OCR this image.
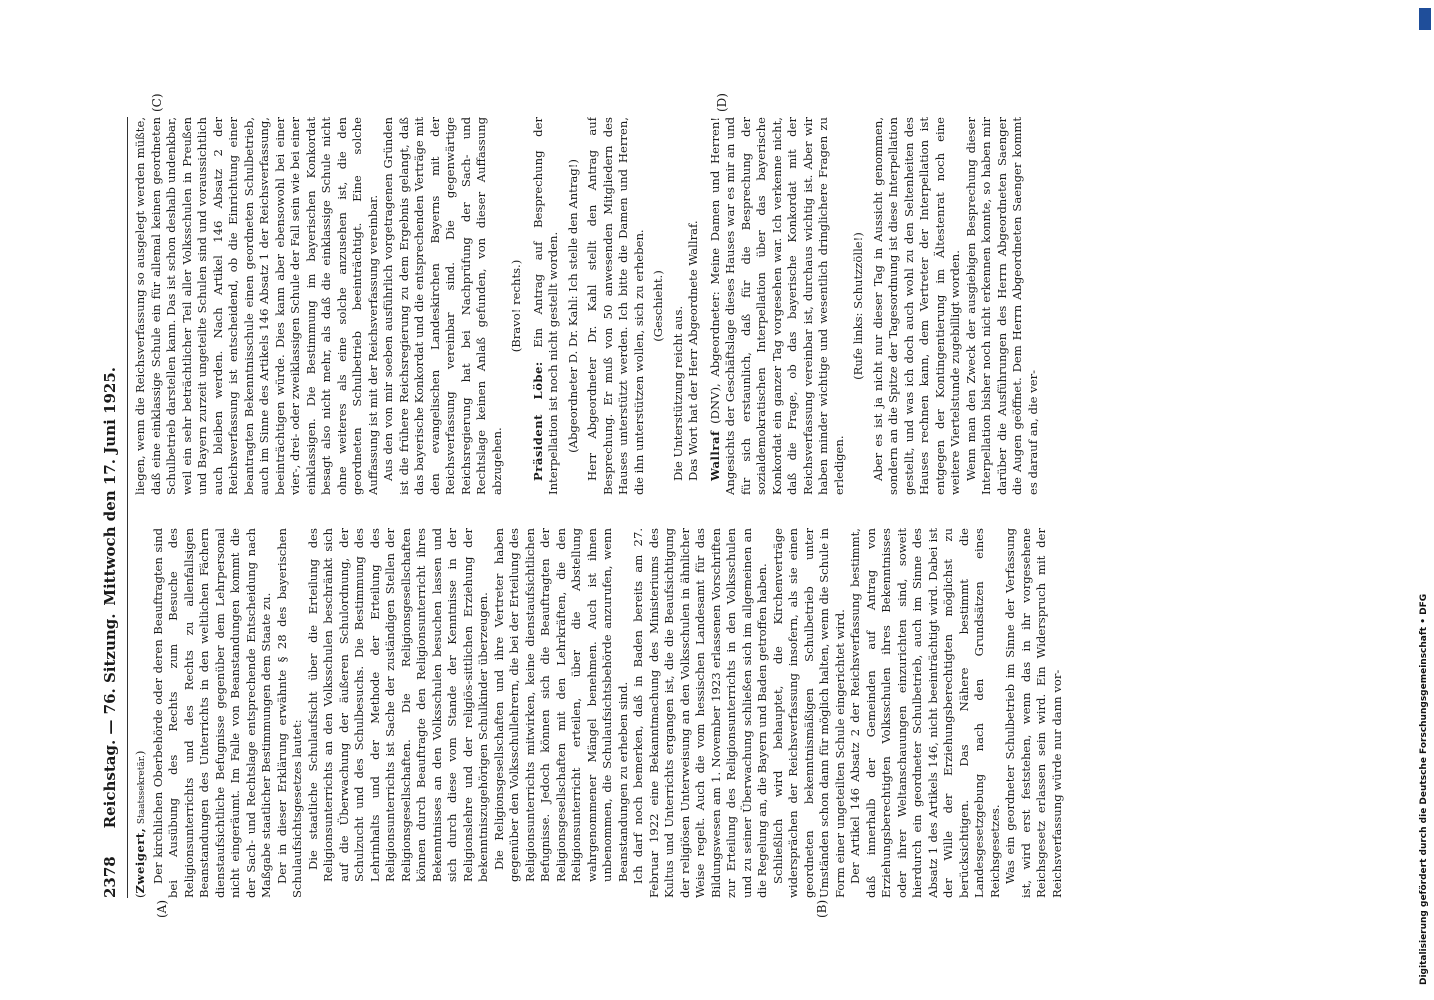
2378
Reichstag. — 76. Sitzung.
Mittwoch den 17. Juni 1925.
(A)	(B)
(C)	(D)

(Zweigert, Staatssekretär.) Der kirchlichen Oberbehörde oder deren Beauftragten sind bei Ausübung des Rechts zum Besuche des Religionsunterrichts und des Rechts zu allenfallsigen Beanstandungen des Unterrichts in den weltlichen Fächern dienstaufsichtliche Befugnisse gegenüber dem Lehrpersonal nicht eingeräumt. Im Falle von Beanstandungen kommt die der Sach- und Rechtslage entsprechende Entscheidung nach Maßgabe staatlicher Bestimmungen dem Staate zu. Der in dieser Erklärung erwähnte § 28 des bayerischen Schulaufsichtsgesetzes lautet: Die staatliche Schulaufsicht über die Erteilung des Religionsunterrichts an den Volksschulen beschränkt sich auf die Überwachung der äußeren Schulordnung, der Schulzucht und des Schulbesuchs. Die Bestimmung des Lehrinhalts und der Methode der Erteilung des Religionsunterrichts ist Sache der zuständigen Stellen der Religionsgesellschaften. Die Religionsgesellschaften können durch Beauftragte den Religionsunterricht ihres Bekenntnisses an den Volksschulen besuchen lassen und sich durch diese vom Stande der Kenntnisse in der Religionslehre und der religiös-sittlichen Erziehung der bekenntniszugehörigen Schulkinder überzeugen. Die Religionsgesellschaften und ihre Vertreter haben gegenüber den Volksschullehrern, die bei der Erteilung des Religionsunterrichts mitwirken, keine dienstaufsichtlichen Befugnisse. Jedoch können sich die Beauftragten der Religionsgesellschaften mit den Lehrkräften, die den Religionsunterricht erteilen, über die Abstellung wahrgenommener Mängel benehmen. Auch ist ihnen unbenommen, die Schulaufsichtsbehörde anzurufen, wenn Beanstandungen zu erheben sind. Ich darf noch bemerken, daß in Baden bereits am 27. Februar 1922 eine Bekanntmachung des Ministeriums des Kultus und Unterrichts ergangen ist, die die Beaufsichtigung der religiösen Unterweisung an den Volksschulen in ähnlicher Weise regelt. Auch die vom hessischen Landesamt für das Bildungswesen am 1. November 1923 erlassenen Vorschriften zur Erteilung des Religionsunterrichts in den Volksschulen und zu seiner Überwachung schließen sich im allgemeinen an die Regelung an, die Bayern und Baden getroffen haben. Schließlich wird behauptet, die Kirchenverträge widersprächen der Reichsverfassung insofern, als sie einen geordneten bekenntnismäßigen Schulbetrieb unter Umständen schon dann für möglich halten, wenn die Schule in Form einer ungeteilten Schule eingerichtet wird. Der Artikel 146 Absatz 2 der Reichsverfassung bestimmt, daß innerhalb der Gemeinden auf Antrag von Erziehungsberechtigten Volksschulen ihres Bekenntnisses oder ihrer Weltanschauungen einzurichten sind, soweit hierdurch ein geordneter Schulbetrieb, auch im Sinne des Absatz 1 des Artikels 146, nicht beeinträchtigt wird. Dabei ist der Wille der Erziehungsberechtigten möglichst zu berücksichtigen. Das Nähere bestimmt die Landesgesetzgebung nach den Grundsätzen eines Reichsgesetzes. Was ein geordneter Schulbetrieb im Sinne der Verfassung ist, wird erst feststehen, wenn das in ihr vorgesehene Reichsgesetz erlassen sein wird. Ein Widerspruch mit der Reichsverfassung würde nur dann vor-

liegen, wenn die Reichsverfassung so ausgelegt werden müßte, daß eine einklassige Schule ein für allemal keinen geordneten Schulbetrieb darstellen kann. Das ist schon deshalb undenkbar, weil ein sehr beträchtlicher Teil aller Volksschulen in Preußen und Bayern zurzeit ungeteilte Schulen sind und voraussichtlich auch bleiben werden. Nach Artikel 146 Absatz 2 der Reichsverfassung ist entscheidend, ob die Einrichtung einer beantragten Bekenntnisschule einen geordneten Schulbetrieb, auch im Sinne des Artikels 146 Absatz 1 der Reichsverfassung, beeinträchtigen würde. Dies kann aber ebensowohl bei einer vier-, drei- oder zweiklassigen Schule der Fall sein wie bei einer einklassigen. Die Bestimmung im bayerischen Konkordat besagt also nicht mehr, als daß die einklassige Schule nicht ohne weiteres als eine solche anzusehen ist, die den geordneten Schulbetrieb beeinträchtigt. Eine solche Auffassung ist mit der Reichsverfassung vereinbar. Aus den von mir soeben ausführlich vorgetragenen Gründen ist die frühere Reichsregierung zu dem Ergebnis gelangt, daß das bayerische Konkordat und die entsprechenden Verträge mit den evangelischen Landeskirchen Bayerns mit der Reichsverfassung vereinbar sind. Die gegenwärtige Reichsregierung hat bei Nachprüfung der Sach- und Rechtslage keinen Anlaß gefunden, von dieser Auffassung abzugehen.

(Bravo! rechts.)

Präsident Löbe: Ein Antrag auf Besprechung der Interpellation ist noch nicht gestellt worden. (Abgeordneter D. Dr. Kahl: Ich stelle den Antrag!) Herr Abgeordneter Dr. Kahl stellt den Antrag auf Besprechung. Er muß von 50 anwesenden Mitgliedern des Hauses unterstützt werden. Ich bitte die Damen und Herren, die ihn unterstützen wollen, sich zu erheben. (Geschieht.) Die Unterstützung reicht aus. Das Wort hat der Herr Abgeordnete Wallraf. Wallraf (DNV), Abgeordneter: Meine Damen und Herren! Angesichts der Geschäftslage dieses Hauses war es mir an und für sich erstaunlich, daß für die Besprechung der sozialdemokratischen Interpellation über das bayerische Konkordat ein ganzer Tag vorgesehen war. Ich verkenne nicht, daß die Frage, ob das bayerische Konkordat mit der Reichsverfassung vereinbar ist, durchaus wichtig ist. Aber wir haben minder wichtige und wesentlich dringlichere Fragen zu erledigen.

(Rufe links: Schutzzölle!) Aber es ist ja nicht nur dieser Tag in Aussicht genommen, sondern an die Spitze der Tagesordnung ist diese Interpellation gestellt, und was ich doch auch wohl zu den Seltenheiten des Hauses rechnen kann, dem Vertreter der Interpellation ist entgegen der Kontingentierung im Ältestenrat noch eine weitere Viertelstunde zugebilligt worden. Wenn man den Zweck der ausgiebigen Besprechung dieser Interpellation bisher noch nicht erkennen konnte, so haben mir darüber die Ausführungen des Herrn Abgeordneten Saenger die Augen geöffnet. Dem Herrn Abgeordneten Saenger kommt es darauf an, die ver-

Digitalisierung gefördert durch die Deutsche Forschungsgemeinschaft • DFG
